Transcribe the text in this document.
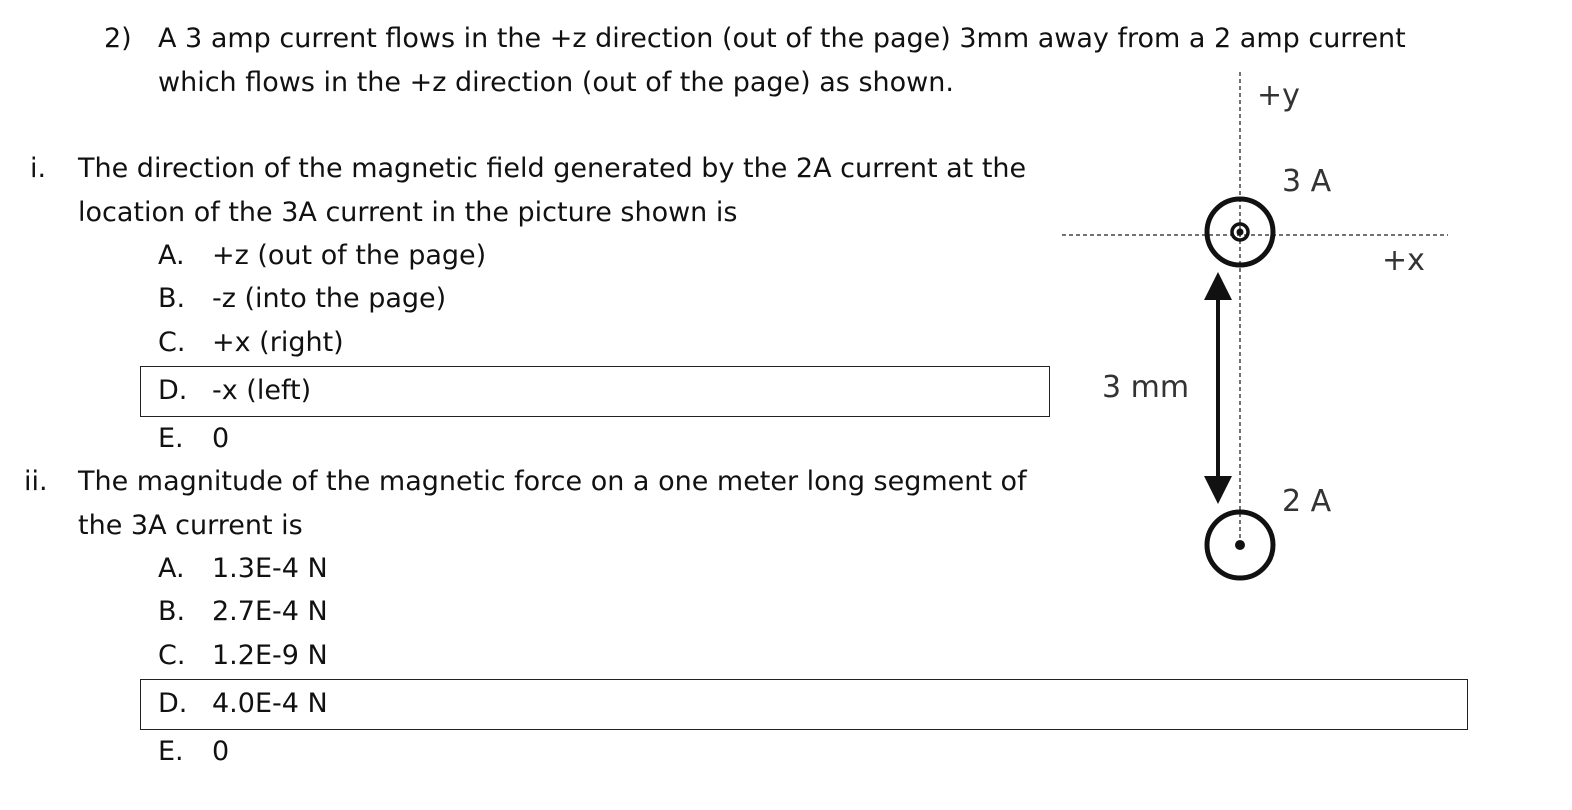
2) A 3 amp current flows in the +z direction (out of the page) 3mm away from a 2 amp current
which flows in the +z direction (out of the page) as shown.
i. The direction of the magnetic field generated by the 2A current at the
location of the 3A current in the picture shown is
A. +z (out of the page)
B. -z (into the page)
C. +x (right)
D. -x (left)
E. 0
ii. The magnitude of the magnetic force on a one meter long segment of
the 3A current is
A. 1.3E-4 N
B. 2.7E-4 N
C. 1.2E-9 N
D. 4.0E-4 N
E. 0
+y
+x
3 A
2 A
3 mm
